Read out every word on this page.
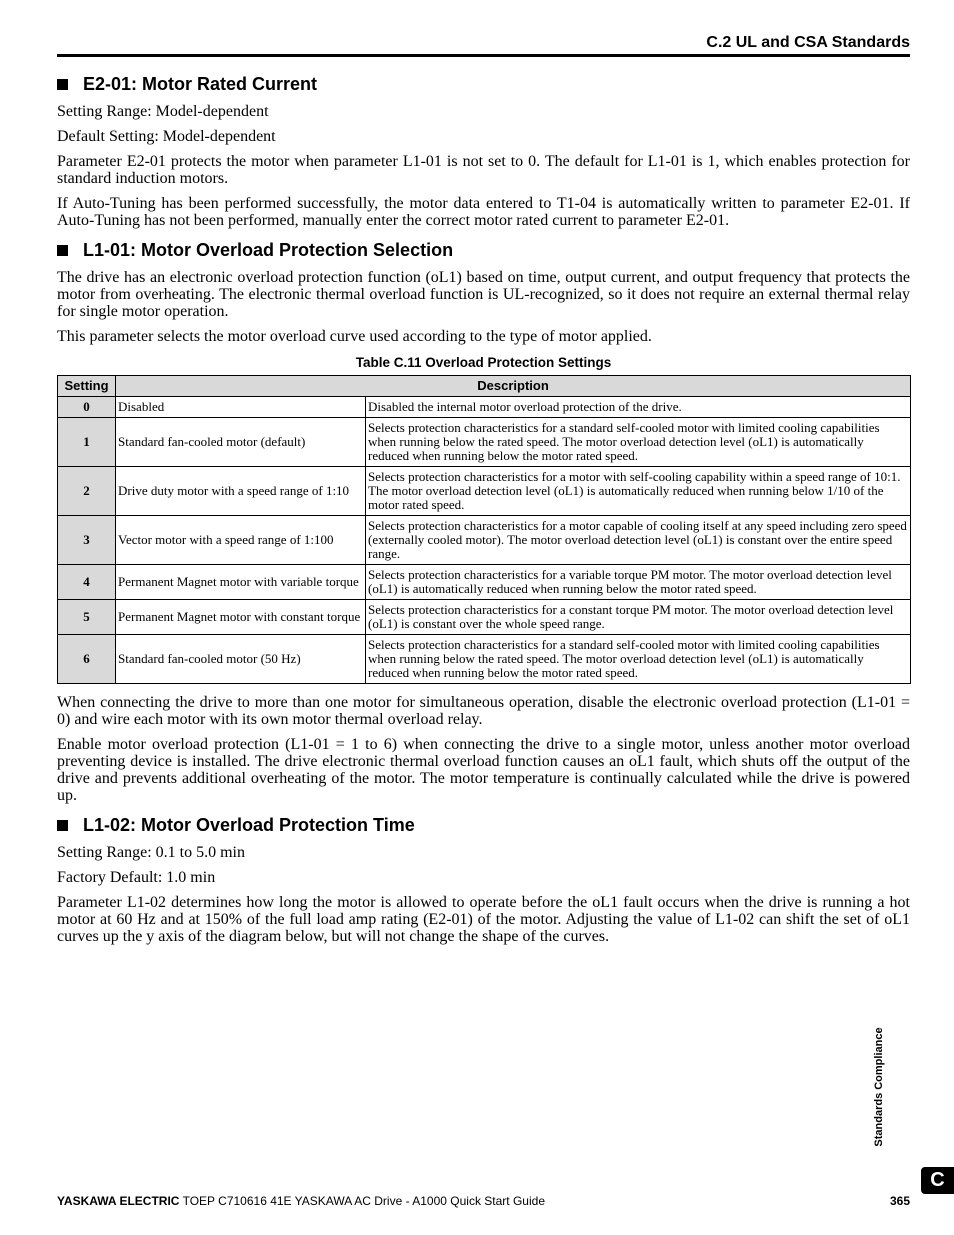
C.2 UL and CSA Standards
E2-01: Motor Rated Current

Setting Range: Model-dependent

Default Setting: Model-dependent

Parameter E2-01 protects the motor when parameter L1-01 is not set to 0. The default for L1-01 is 1, which enables protection for standard induction motors.

If Auto-Tuning has been performed successfully, the motor data entered to T1-04 is automatically written to parameter E2-01. If Auto-Tuning has not been performed, manually enter the correct motor rated current to parameter E2-01.

L1-01: Motor Overload Protection Selection

The drive has an electronic overload protection function (oL1) based on time, output current, and output frequency that protects the motor from overheating. The electronic thermal overload function is UL-recognized, so it does not require an external thermal relay for single motor operation.

This parameter selects the motor overload curve used according to the type of motor applied.

Table C.11 Overload Protection Settings
Setting	Description	
0	Disabled	Disabled the internal motor overload protection of the drive.
1	Standard fan-cooled motor (default)	Selects protection characteristics for a standard self-cooled motor with limited cooling capabilities when running below the rated speed. The motor overload detection level (oL1) is automatically reduced when running below the motor rated speed.
2	Drive duty motor with a speed range of 1:10	Selects protection characteristics for a motor with self-cooling capability within a speed range of 10:1. The motor overload detection level (oL1) is automatically reduced when running below 1/10 of the motor rated speed.
3	Vector motor with a speed range of 1:100	Selects protection characteristics for a motor capable of cooling itself at any speed including zero speed (externally cooled motor). The motor overload detection level (oL1) is constant over the entire speed range.
4	Permanent Magnet motor with variable torque	Selects protection characteristics for a variable torque PM motor. The motor overload detection level (oL1) is automatically reduced when running below the motor rated speed.
5	Permanent Magnet motor with constant torque	Selects protection characteristics for a constant torque PM motor. The motor overload detection level (oL1) is constant over the whole speed range.
6	Standard fan-cooled motor (50 Hz)	Selects protection characteristics for a standard self-cooled motor with limited cooling capabilities when running below the rated speed. The motor overload detection level (oL1) is automatically reduced when running below the motor rated speed.

When connecting the drive to more than one motor for simultaneous operation, disable the electronic overload protection (L1-01 = 0) and wire each motor with its own motor thermal overload relay.

Enable motor overload protection (L1-01 = 1 to 6) when connecting the drive to a single motor, unless another motor overload preventing device is installed. The drive electronic thermal overload function causes an oL1 fault, which shuts off the output of the drive and prevents additional overheating of the motor. The motor temperature is continually calculated while the drive is powered up.

L1-02: Motor Overload Protection Time

Setting Range: 0.1 to 5.0 min

Factory Default: 1.0 min

Parameter L1-02 determines how long the motor is allowed to operate before the oL1 fault occurs when the drive is running a hot motor at 60 Hz and at 150% of the full load amp rating (E2-01) of the motor. Adjusting the value of L1-02 can shift the set of oL1 curves up the y axis of the diagram below, but will not change the shape of the curves.

Standards Compliance
C
YASKAWA ELECTRIC TOEP C710616 41E YASKAWA AC Drive - A1000 Quick Start Guide	365
